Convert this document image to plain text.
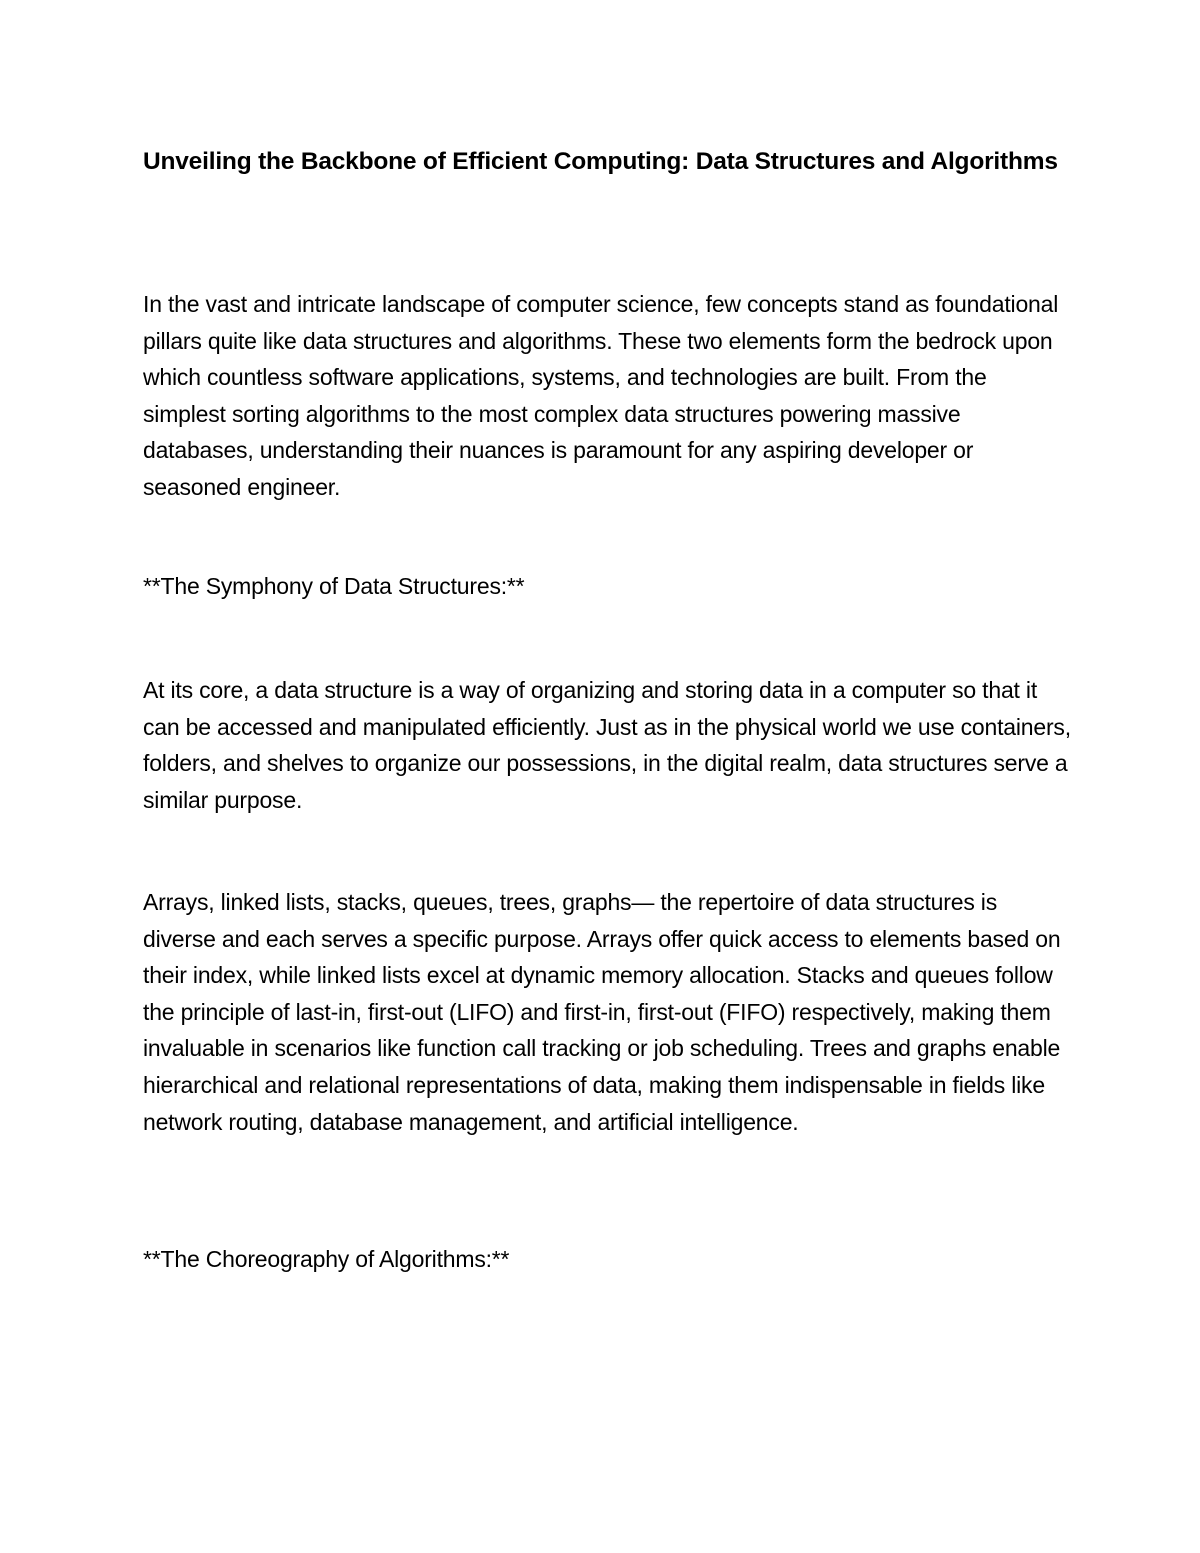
Unveiling the Backbone of Efficient Computing: Data Structures and Algorithms

In the vast and intricate landscape of computer science, few concepts stand as foundational pillars quite like data structures and algorithms. These two elements form the bedrock upon which countless software applications, systems, and technologies are built. From the simplest sorting algorithms to the most complex data structures powering massive databases, understanding their nuances is paramount for any aspiring developer or seasoned engineer.

**The Symphony of Data Structures:**

At its core, a data structure is a way of organizing and storing data in a computer so that it can be accessed and manipulated efficiently. Just as in the physical world we use containers, folders, and shelves to organize our possessions, in the digital realm, data structures serve a similar purpose.

Arrays, linked lists, stacks, queues, trees, graphs— the repertoire of data structures is diverse and each serves a specific purpose. Arrays offer quick access to elements based on their index, while linked lists excel at dynamic memory allocation. Stacks and queues follow the principle of last-in, first-out (LIFO) and first-in, first-out (FIFO) respectively, making them invaluable in scenarios like function call tracking or job scheduling. Trees and graphs enable hierarchical and relational representations of data, making them indispensable in fields like network routing, database management, and artificial intelligence.

**The Choreography of Algorithms:**
